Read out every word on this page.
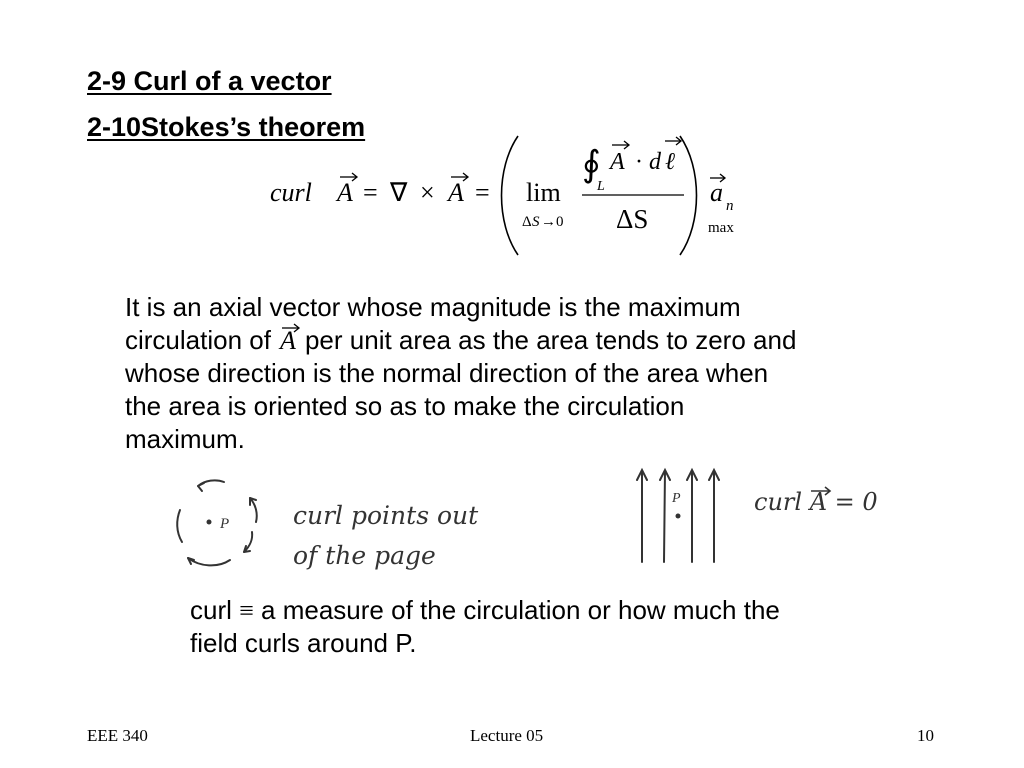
2-9 Curl of a vector
2-10Stokes’s theorem
curl A = ∇ × A = lim
Δ S →0
∮
L
A · d ℓ
ΔS
a n
max
It is an axial vector whose magnitude is the maximum
circulation of A per unit area as the area tends to zero and
whose direction is the normal direction of the area when
the area is oriented so as to make the circulation
maximum.
P	curl points out
of the page
P	curl A = 0
curl ≡ a measure of the circulation or how much the
field curls around P.
EEE 340	Lecture 05	10
